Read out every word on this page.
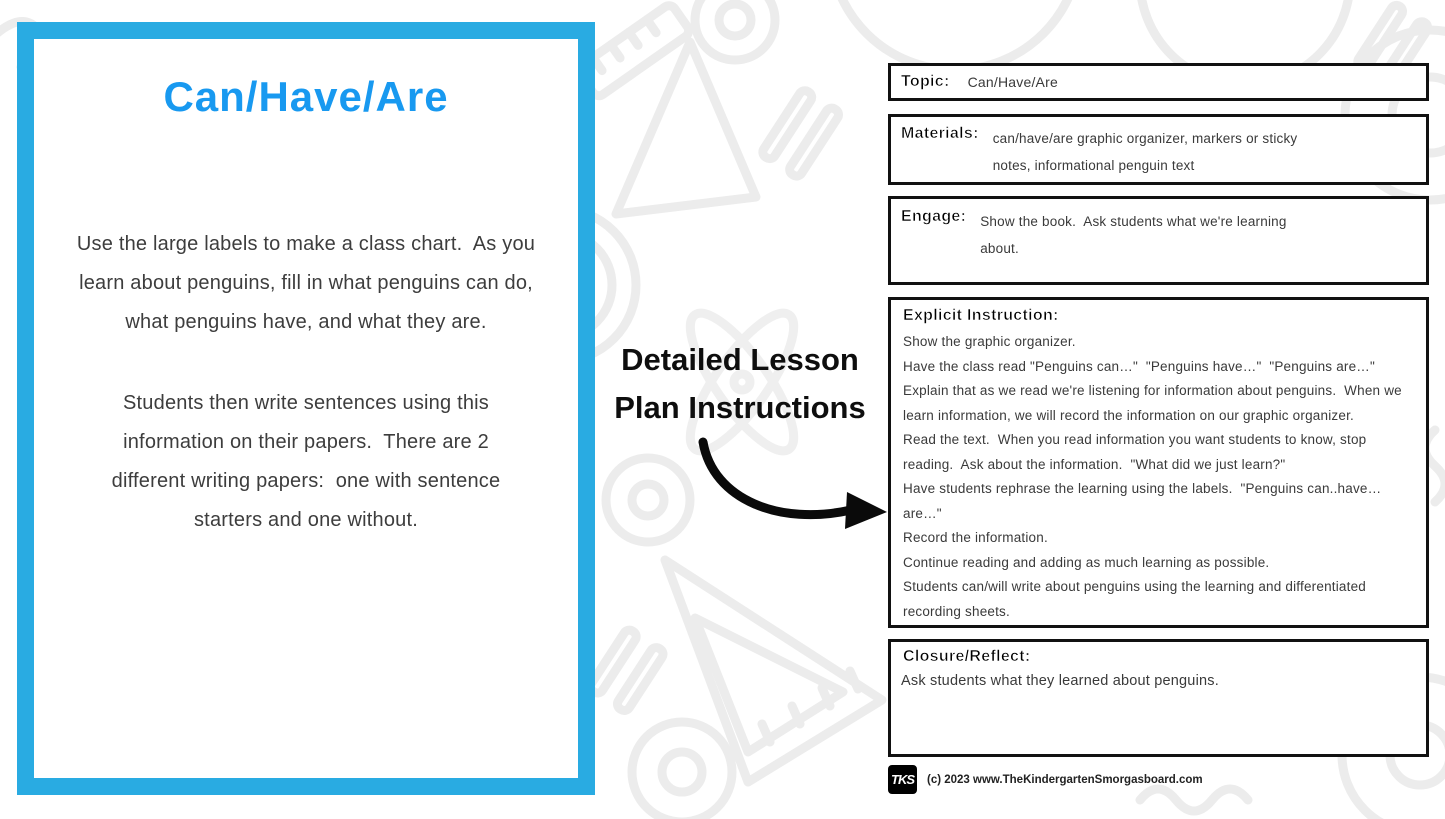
Can/Have/Are
Use the large labels to make a class chart.  As you learn about penguins, fill in what penguins can do, what penguins have, and what they are.
Students then write sentences using this information on their papers.  There are 2 different writing papers:  one with sentence starters and one without.
Detailed Lesson
Plan Instructions
Topic: Can/Have/Are
Materials: can/have/are graphic organizer, markers or sticky notes, informational penguin text
Engage: Show the book.  Ask students what we're learning about.
Explicit Instruction:

Show the graphic organizer.

Have the class read "Penguins can…"  "Penguins have…"  "Penguins are…"

Explain that as we read we're listening for information about penguins.  When we learn information, we will record the information on our graphic organizer.

Read the text.  When you read information you want students to know, stop reading.  Ask about the information.  "What did we just learn?"

Have students rephrase the learning using the labels.  "Penguins can..have…are…"

Record the information.

Continue reading and adding as much learning as possible.

Students can/will write about penguins using the learning and differentiated recording sheets.

Closure/Reflect:
Ask students what they learned about penguins.
TKS (c) 2023 www.TheKindergartenSmorgasboard.com
